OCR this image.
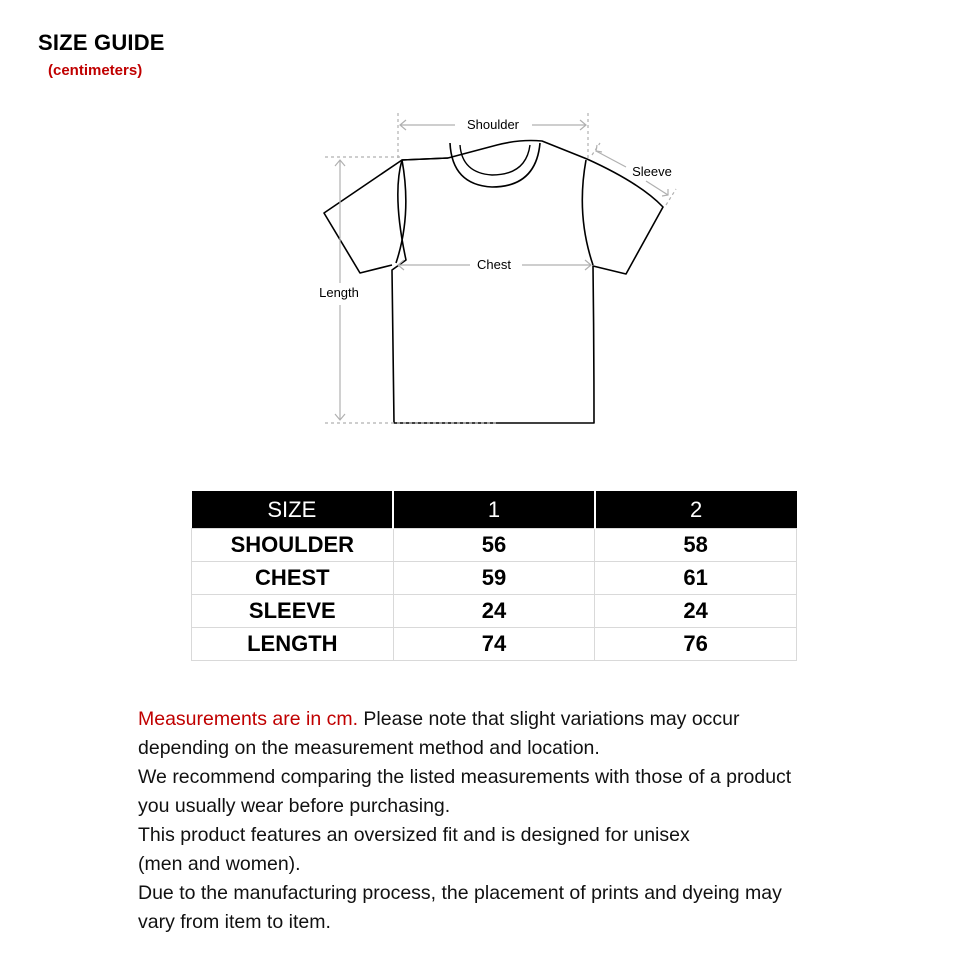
SIZE GUIDE
(centimeters)
Shoulder
Sleeve
Chest
Length
SIZE	1	2
SHOULDER	56	58
CHEST	59	61
SLEEVE	24	24
LENGTH	74	76

Measurements are in cm. Please note that slight variations may occur

depending on the measurement method and location.

We recommend comparing the listed measurements with those of a product

you usually wear before purchasing.

This product features an oversized fit and is designed for unisex

(men and women).

Due to the manufacturing process, the placement of prints and dyeing may

vary from item to item.
